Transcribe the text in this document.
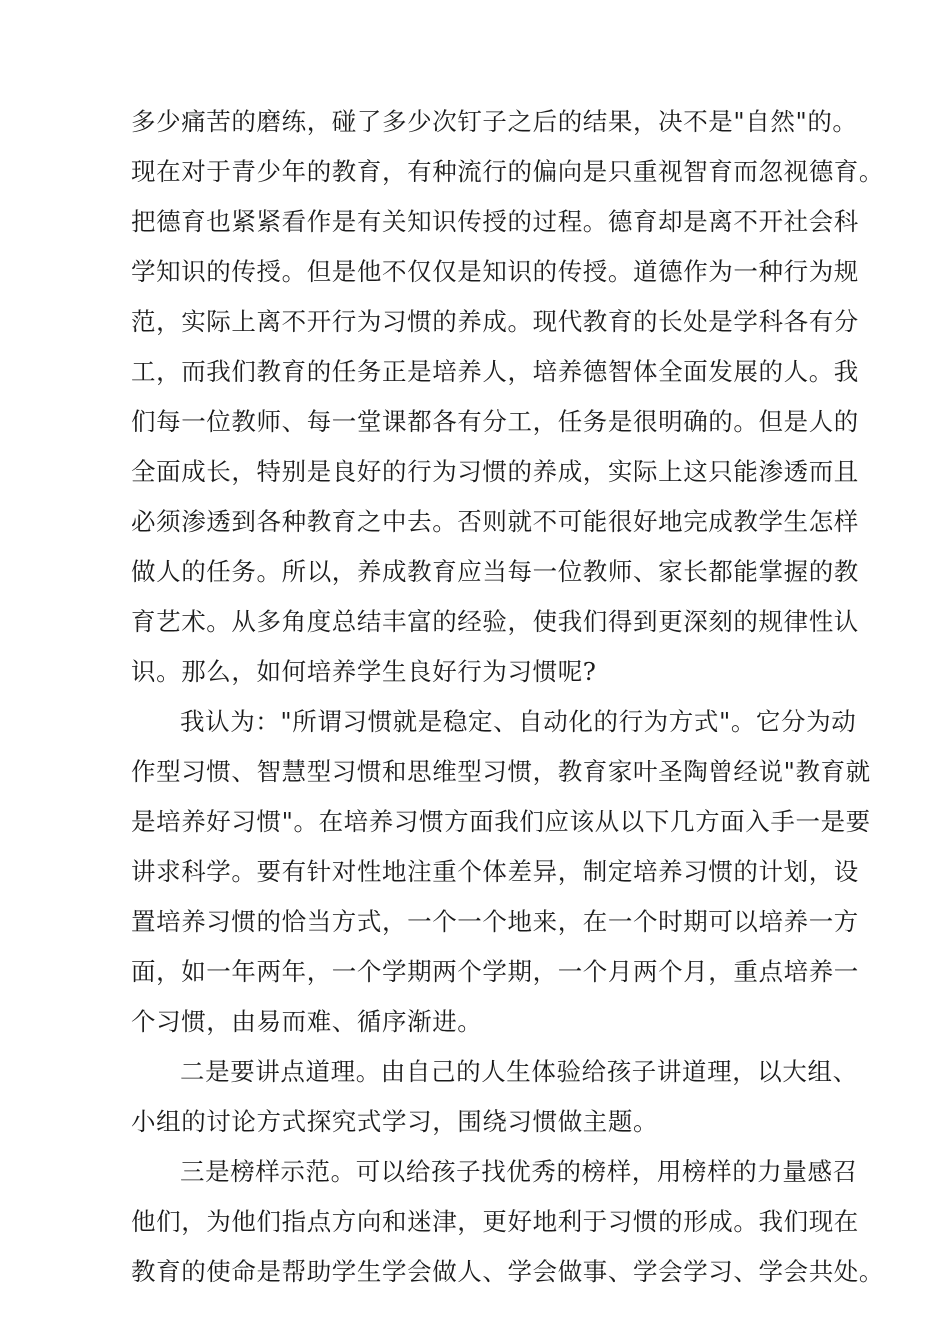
多少痛苦的磨练，碰了多少次钉子之后的结果，决不是"自然"的。
现在对于青少年的教育，有种流行的偏向是只重视智育而忽视德育。
把德育也紧紧看作是有关知识传授的过程。德育却是离不开社会科
学知识的传授。但是他不仅仅是知识的传授。道德作为一种行为规
范，实际上离不开行为习惯的养成。现代教育的长处是学科各有分
工，而我们教育的任务正是培养人，培养德智体全面发展的人。我
们每一位教师、每一堂课都各有分工，任务是很明确的。但是人的
全面成长，特别是良好的行为习惯的养成，实际上这只能渗透而且
必须渗透到各种教育之中去。否则就不可能很好地完成教学生怎样
做人的任务。所以，养成教育应当每一位教师、家长都能掌握的教
育艺术。从多角度总结丰富的经验，使我们得到更深刻的规律性认
识。那么，如何培养学生良好行为习惯呢?
我认为："所谓习惯就是稳定、自动化的行为方式"。它分为动
作型习惯、智慧型习惯和思维型习惯，教育家叶圣陶曾经说"教育就
是培养好习惯"。在培养习惯方面我们应该从以下几方面入手一是要
讲求科学。要有针对性地注重个体差异，制定培养习惯的计划，设
置培养习惯的恰当方式，一个一个地来，在一个时期可以培养一方
面，如一年两年，一个学期两个学期，一个月两个月，重点培养一
个习惯，由易而难、循序渐进。
二是要讲点道理。由自己的人生体验给孩子讲道理，以大组、
小组的讨论方式探究式学习，围绕习惯做主题。
三是榜样示范。可以给孩子找优秀的榜样，用榜样的力量感召
他们，为他们指点方向和迷津，更好地利于习惯的形成。我们现在
教育的使命是帮助学生学会做人、学会做事、学会学习、学会共处。
